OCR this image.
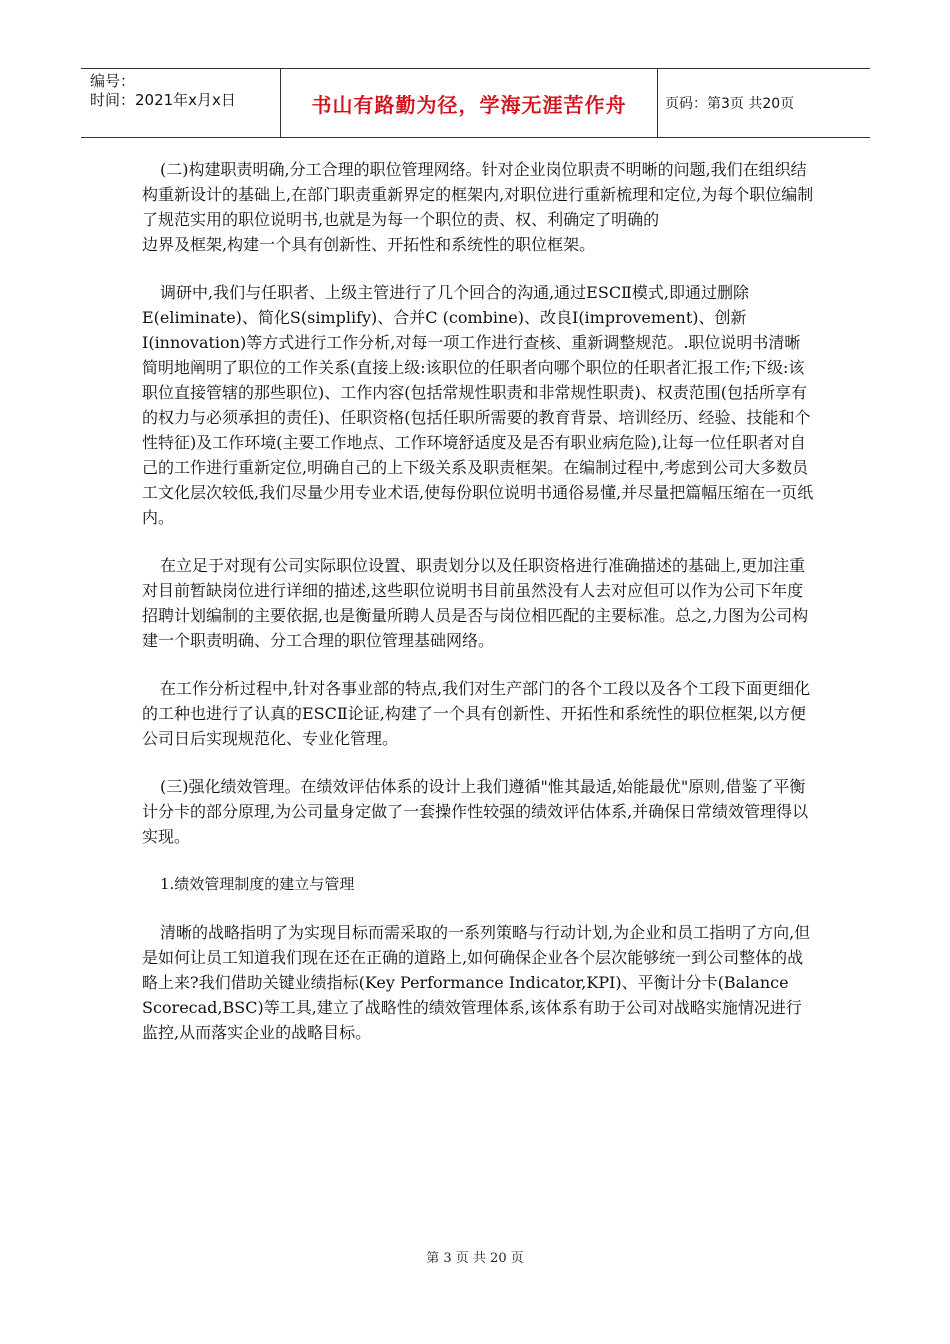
编号：
时间：2021年x月x日	书山有路勤为径，学海无涯苦作舟	页码：第3页 共20页

(二)构建职责明确,分工合理的职位管理网络。针对企业岗位职责不明晰的问题,我们在组织结构重新设计的基础上,在部门职责重新界定的框架内,对职位进行重新梳理和定位,为每个职位编制了规范实用的职位说明书,也就是为每一个职位的责、权、利确定了明确的

边界及框架,构建一个具有创新性、开拓性和系统性的职位框架。

调研中,我们与任职者、上级主管进行了几个回合的沟通,通过ESCⅡ模式,即通过删除E(eliminate)、简化S(simplify)、合并C (combine)、改良Ⅰ(improvement)、创新Ⅰ(innovation)等方式进行工作分析,对每一项工作进行查核、重新调整规范。.职位说明书清晰简明地阐明了职位的工作关系(直接上级:该职位的任职者向哪个职位的任职者汇报工作;下级:该职位直接管辖的那些职位)、工作内容(包括常规性职责和非常规性职责)、权责范围(包括所享有的权力与必须承担的责任)、任职资格(包括任职所需要的教育背景、培训经历、经验、技能和个性特征)及工作环境(主要工作地点、工作环境舒适度及是否有职业病危险),让每一位任职者对自己的工作进行重新定位,明确自己的上下级关系及职责框架。在编制过程中,考虑到公司大多数员工文化层次较低,我们尽量少用专业术语,使每份职位说明书通俗易懂,并尽量把篇幅压缩在一页纸内。

在立足于对现有公司实际职位设置、职责划分以及任职资格进行准确描述的基础上,更加注重对目前暂缺岗位进行详细的描述,这些职位说明书目前虽然没有人去对应但可以作为公司下年度招聘计划编制的主要依据,也是衡量所聘人员是否与岗位相匹配的主要标准。总之,力图为公司构建一个职责明确、分工合理的职位管理基础网络。

在工作分析过程中,针对各事业部的特点,我们对生产部门的各个工段以及各个工段下面更细化的工种也进行了认真的ESCⅡ论证,构建了一个具有创新性、开拓性和系统性的职位框架,以方便公司日后实现规范化、专业化管理。

(三)强化绩效管理。在绩效评估体系的设计上我们遵循"惟其最适,始能最优"原则,借鉴了平衡计分卡的部分原理,为公司量身定做了一套操作性较强的绩效评估体系,并确保日常绩效管理得以实现。

1.绩效管理制度的建立与管理

清晰的战略指明了为实现目标而需采取的一系列策略与行动计划,为企业和员工指明了方向,但是如何让员工知道我们现在还在正确的道路上,如何确保企业各个层次能够统一到公司整体的战略上来?我们借助关键业绩指标(Key Performance Indicator,KPI)、平衡计分卡(Balance Scorecad,BSC)等工具,建立了战略性的绩效管理体系,该体系有助于公司对战略实施情况进行监控,从而落实企业的战略目标。

第 3 页 共 20 页
